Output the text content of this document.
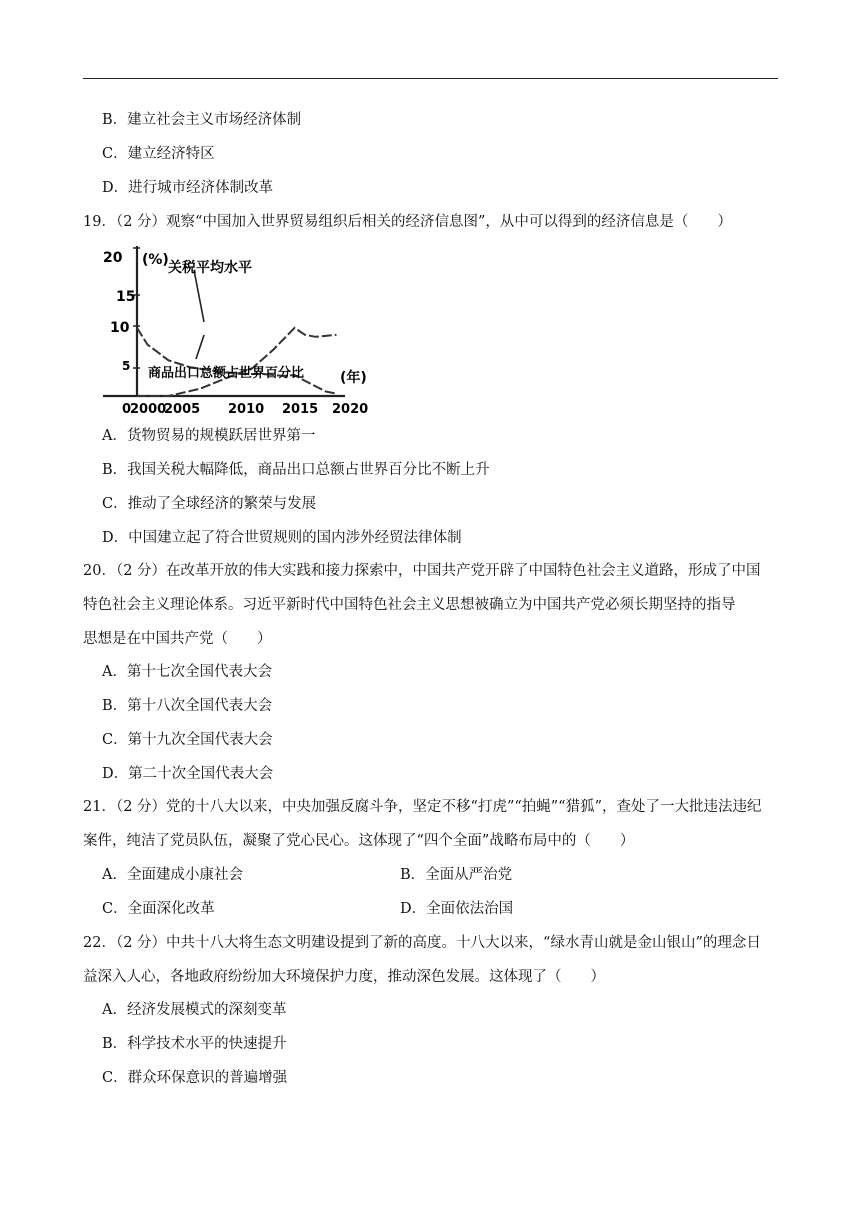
B．建立社会主义市场经济体制
C．建立经济特区
D．进行城市经济体制改革
19．（2 分）观察“中国加入世界贸易组织后相关的经济信息图”，从中可以得到的经济信息是（　　）
20
15
10
5
(%)
(年)
0
2000
2005 2010 2015 2020
关税平均水平
商品出口总额占世界百分比
A．货物贸易的规模跃居世界第一
B．我国关税大幅降低，商品出口总额占世界百分比不断上升
C．推动了全球经济的繁荣与发展
D．中国建立起了符合世贸规则的国内涉外经贸法律体制
20．（2 分）在改革开放的伟大实践和接力探索中，中国共产党开辟了中国特色社会主义道路，形成了中国
特色社会主义理论体系。习近平新时代中国特色社会主义思想被确立为中国共产党必须长期坚持的指导
思想是在中国共产党（　　）
A．第十七次全国代表大会
B．第十八次全国代表大会
C．第十九次全国代表大会
D．第二十次全国代表大会
21．（2 分）党的十八大以来，中央加强反腐斗争，坚定不移“打虎”“拍蝇”“猎狐”，查处了一大批违法违纪
案件，纯洁了党员队伍，凝聚了党心民心。这体现了“四个全面”战略布局中的（　　）
A．全面建成小康社会	B．全面从严治党
C．全面深化改革	D．全面依法治国
22．（2 分）中共十八大将生态文明建设提到了新的高度。十八大以来，“绿水青山就是金山银山”的理念日
益深入人心，各地政府纷纷加大环境保护力度，推动深色发展。这体现了（　　）
A．经济发展模式的深刻变革
B．科学技术水平的快速提升
C．群众环保意识的普遍增强
